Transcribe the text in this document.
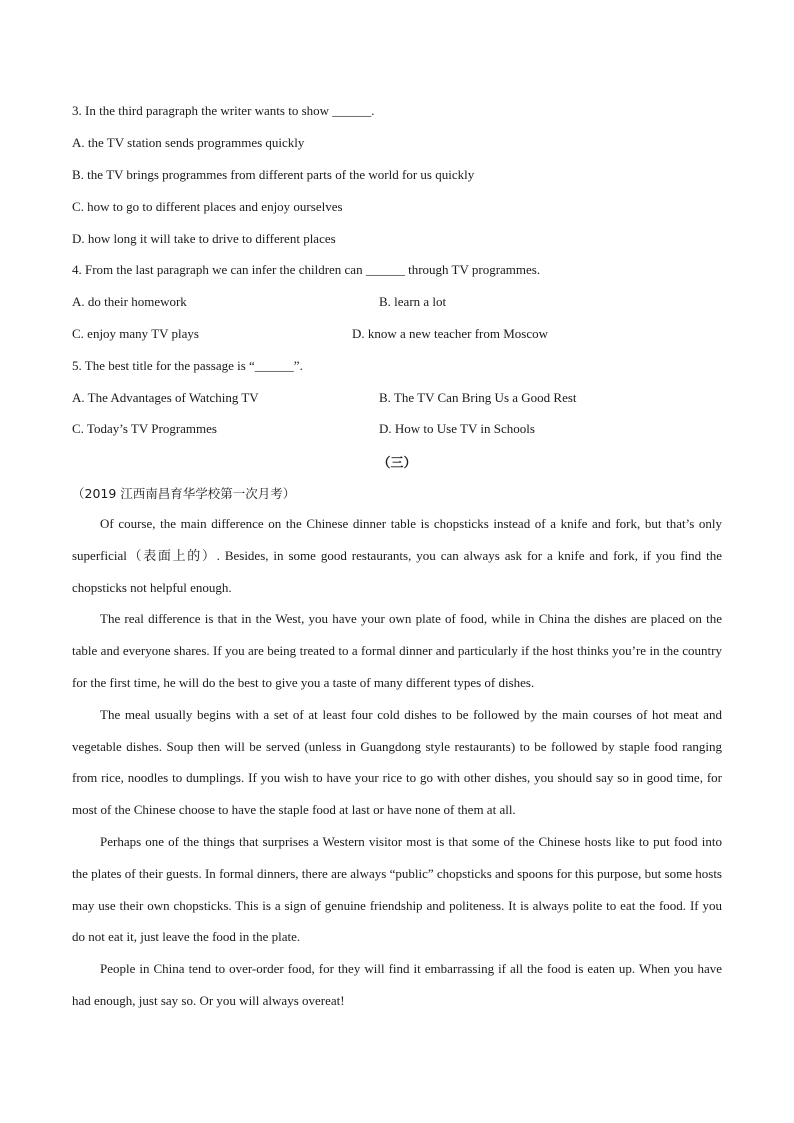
3. In the third paragraph the writer wants to show ______.
A. the TV station sends programmes quickly
B. the TV brings programmes from different parts of the world for us quickly
C. how to go to different places and enjoy ourselves
D. how long it will take to drive to different places
4. From the last paragraph we can infer the children can ______ through TV programmes.
A. do their homework	B. learn a lot
C. enjoy many TV plays	D. know a new teacher from Moscow
5. The best title for the passage is “______”.
A. The Advantages of Watching TV	B. The TV Can Bring Us a Good Rest
C. Today’s TV Programmes	D. How to Use TV in Schools
（三）
（2019 江西南昌育华学校第一次月考）

Of course, the main difference on the Chinese dinner table is chopsticks instead of a knife and fork, but that’s only superficial（表面上的）. Besides, in some good restaurants, you can always ask for a knife and fork, if you find the chopsticks not helpful enough.

The real difference is that in the West, you have your own plate of food, while in China the dishes are placed on the table and everyone shares. If you are being treated to a formal dinner and particularly if the host thinks you’re in the country for the first time, he will do the best to give you a taste of many different types of dishes.

The meal usually begins with a set of at least four cold dishes to be followed by the main courses of hot meat and vegetable dishes. Soup then will be served (unless in Guangdong style restaurants) to be followed by staple food ranging from rice, noodles to dumplings. If you wish to have your rice to go with other dishes, you should say so in good time, for most of the Chinese choose to have the staple food at last or have none of them at all.

Perhaps one of the things that surprises a Western visitor most is that some of the Chinese hosts like to put food into the plates of their guests. In formal dinners, there are always “public” chopsticks and spoons for this purpose, but some hosts may use their own chopsticks. This is a sign of genuine friendship and politeness. It is always polite to eat the food. If you do not eat it, just leave the food in the plate.

People in China tend to over-order food, for they will find it embarrassing if all the food is eaten up. When you have had enough, just say so. Or you will always overeat!
